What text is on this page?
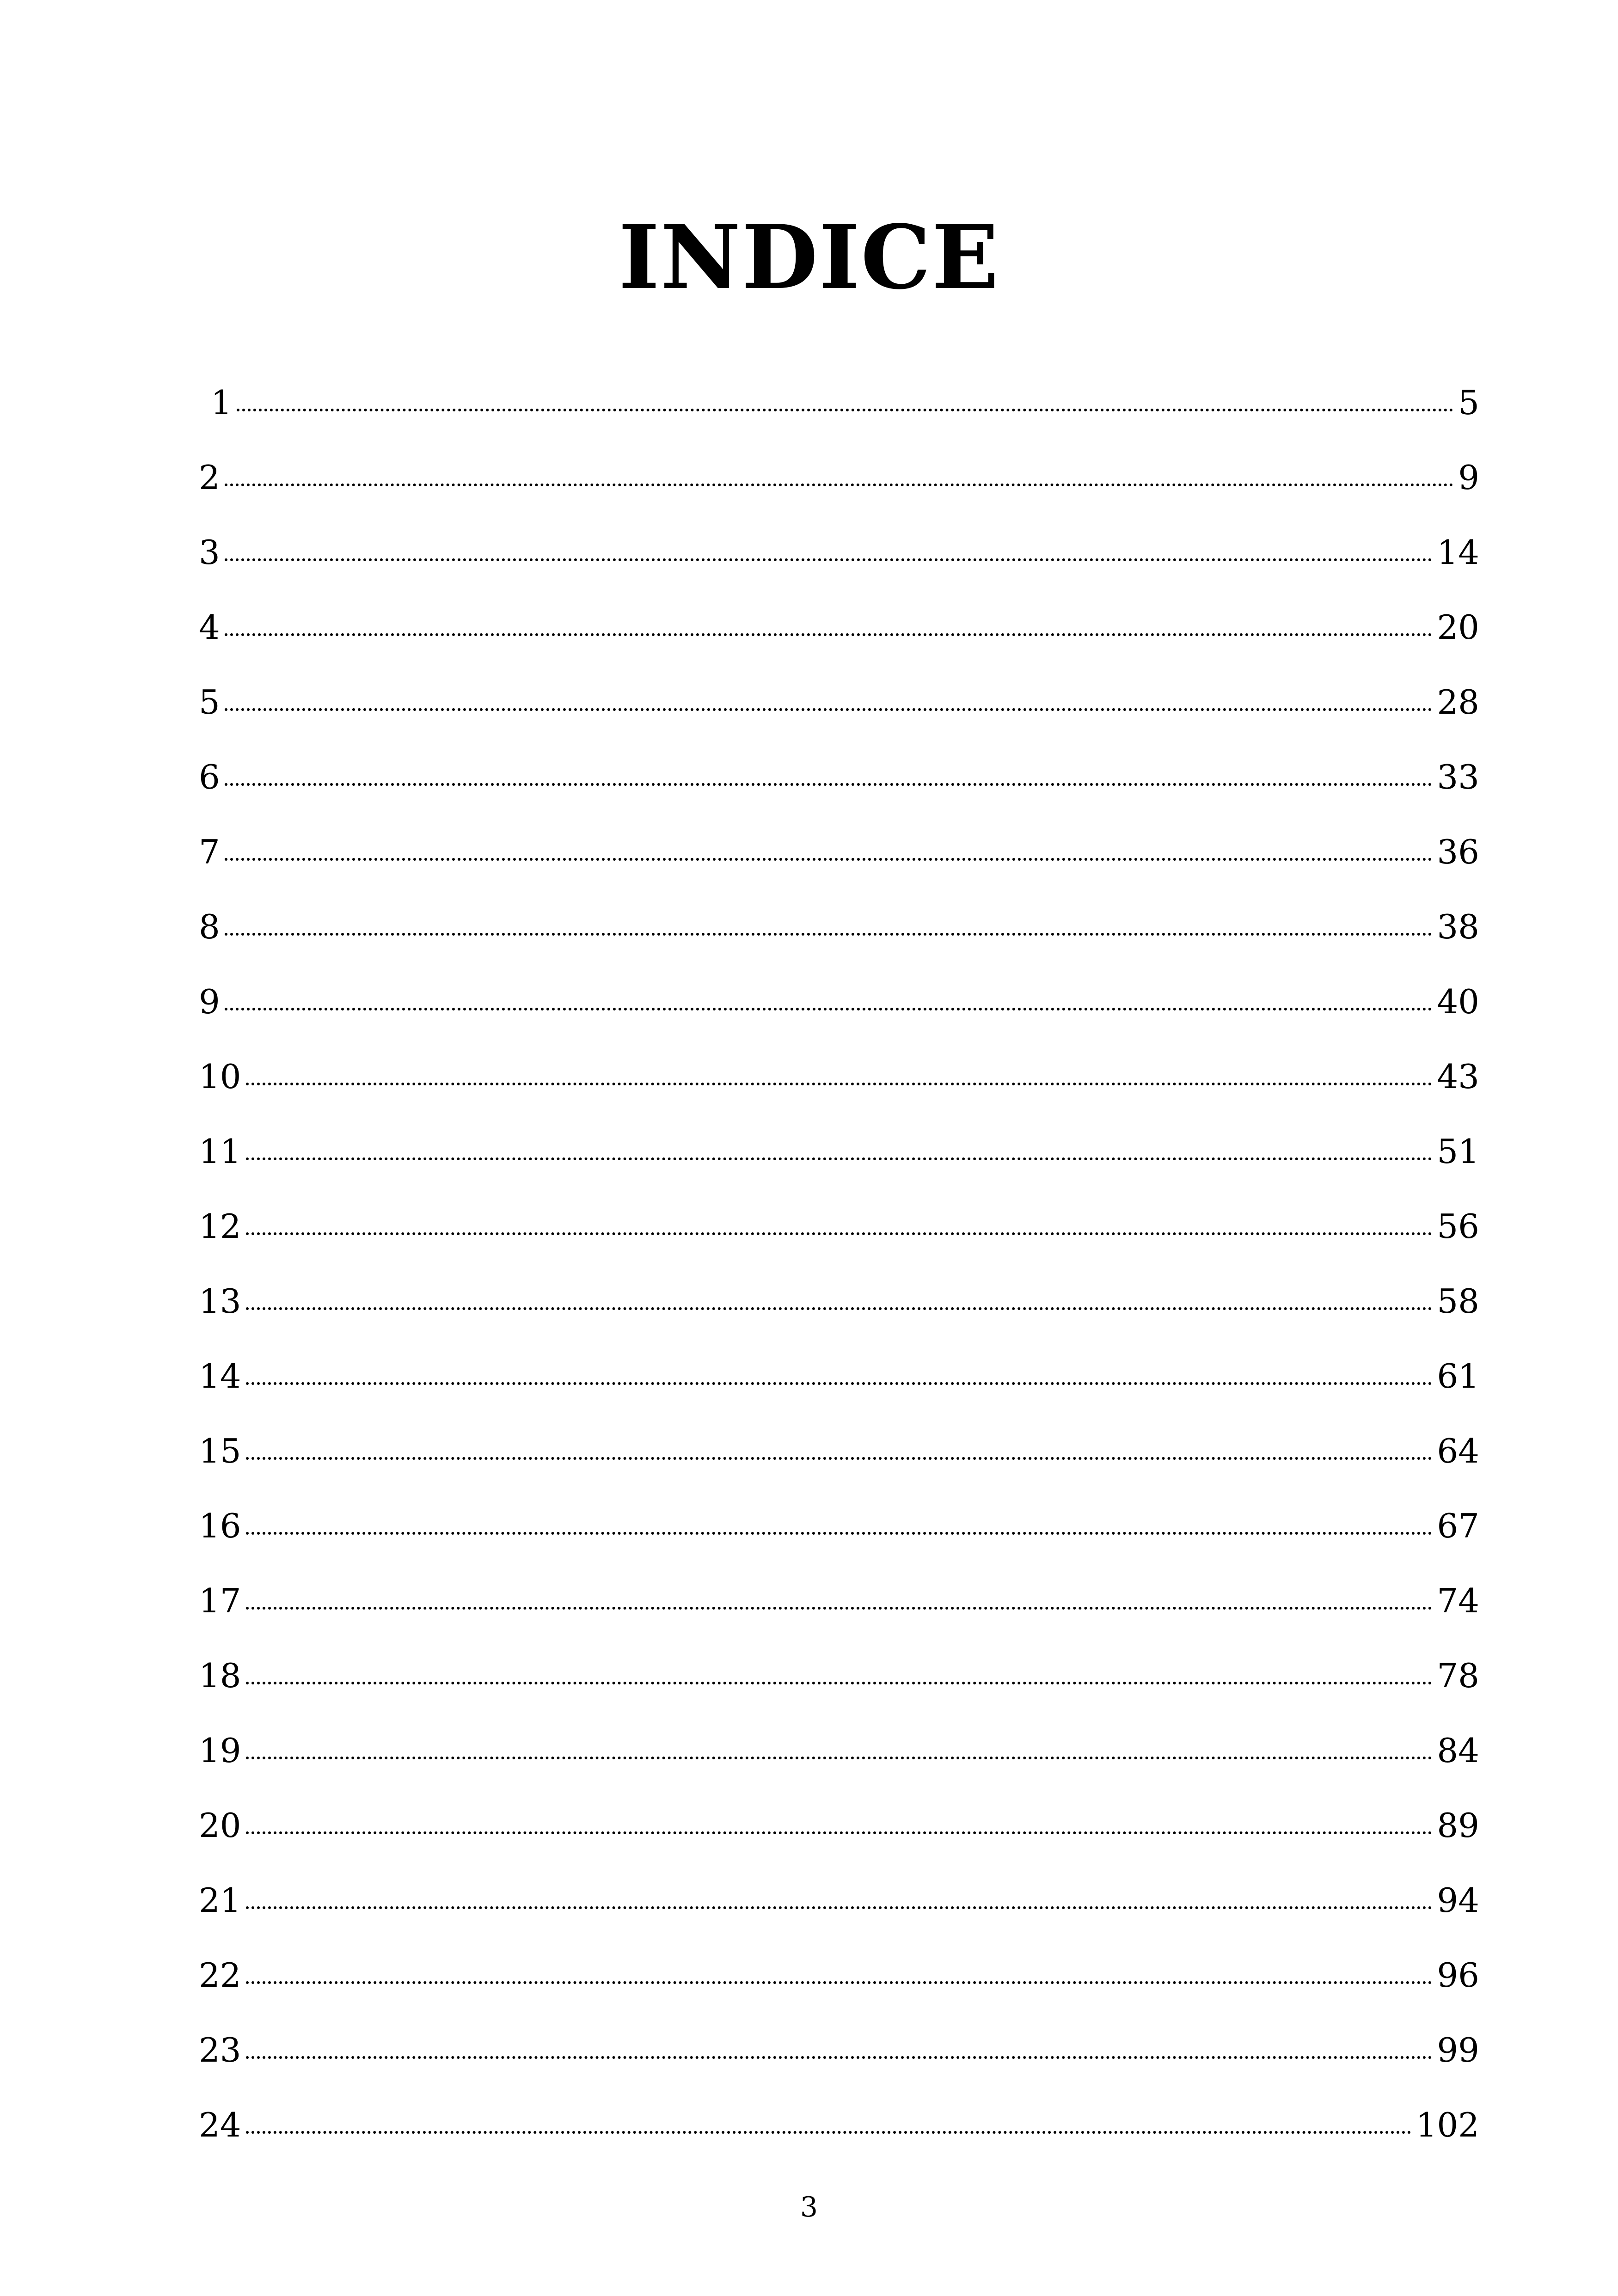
INDICE
1	5
2	9
3	14
4	20
5	28
6	33
7	36
8	38
9	40
10	43
11	51
12	56
13	58
14	61
15	64
16	67
17	74
18	78
19	84
20	89
21	94
22	96
23	99
24	102
3
